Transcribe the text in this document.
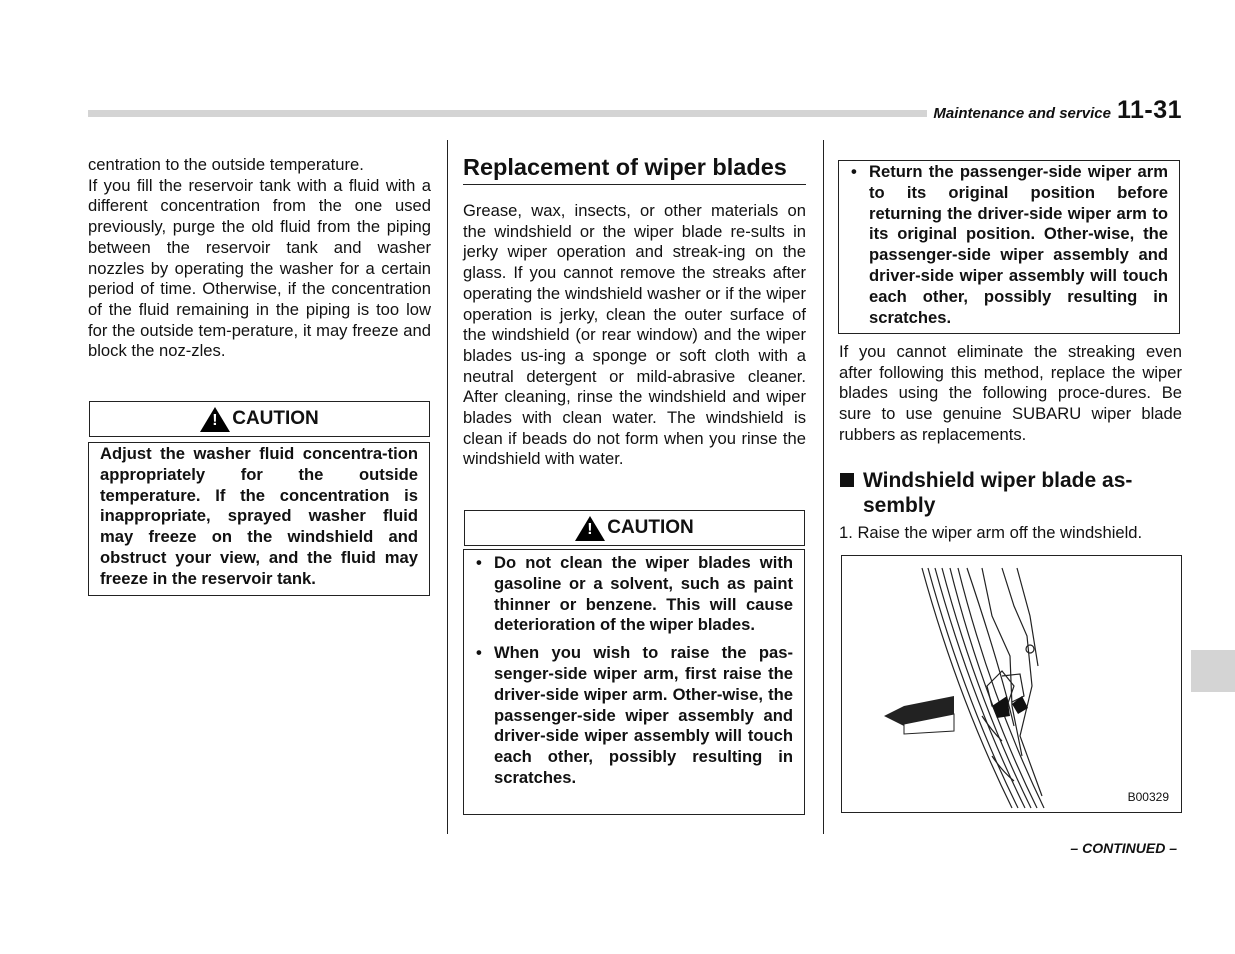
Maintenance and service 11-31

centration to the outside temperature.

If you fill the reservoir tank with a fluid with a different concentration from the one used previously, purge the old fluid from the piping between the reservoir tank and washer nozzles by operating the washer for a certain period of time. Otherwise, if the concentration of the fluid remaining in the piping is too low for the outside tem-perature, it may freeze and block the noz-zles.

! CAUTION
Adjust the washer fluid concentra-tion appropriately for the outside temperature. If the concentration is inappropriate, sprayed washer fluid may freeze on the windshield and obstruct your view, and the fluid may freeze in the reservoir tank.
Replacement of wiper blades

Grease, wax, insects, or other materials on the windshield or the wiper blade re-sults in jerky wiper operation and streak-ing on the glass. If you cannot remove the streaks after operating the windshield washer or if the wiper operation is jerky, clean the outer surface of the windshield (or rear window) and the wiper blades us-ing a sponge or soft cloth with a neutral detergent or mild-abrasive cleaner. After cleaning, rinse the windshield and wiper blades with clean water. The windshield is clean if beads do not form when you rinse the windshield with water.

! CAUTION
• Do not clean the wiper blades with gasoline or a solvent, such as paint thinner or benzene. This will cause deterioration of the wiper blades.
• When you wish to raise the pas-senger-side wiper arm, first raise the driver-side wiper arm. Other-wise, the passenger-side wiper assembly and driver-side wiper assembly will touch each other, possibly resulting in scratches.
• Return the passenger-side wiper arm to its original position before returning the driver-side wiper arm to its original position. Other-wise, the passenger-side wiper assembly and driver-side wiper assembly will touch each other, possibly resulting in scratches.

If you cannot eliminate the streaking even after following this method, replace the wiper blades using the following proce-dures. Be sure to use genuine SUBARU wiper blade rubbers as replacements.

Windshield wiper blade as-sembly
1. Raise the wiper arm off the windshield.
B00329
– CONTINUED –
